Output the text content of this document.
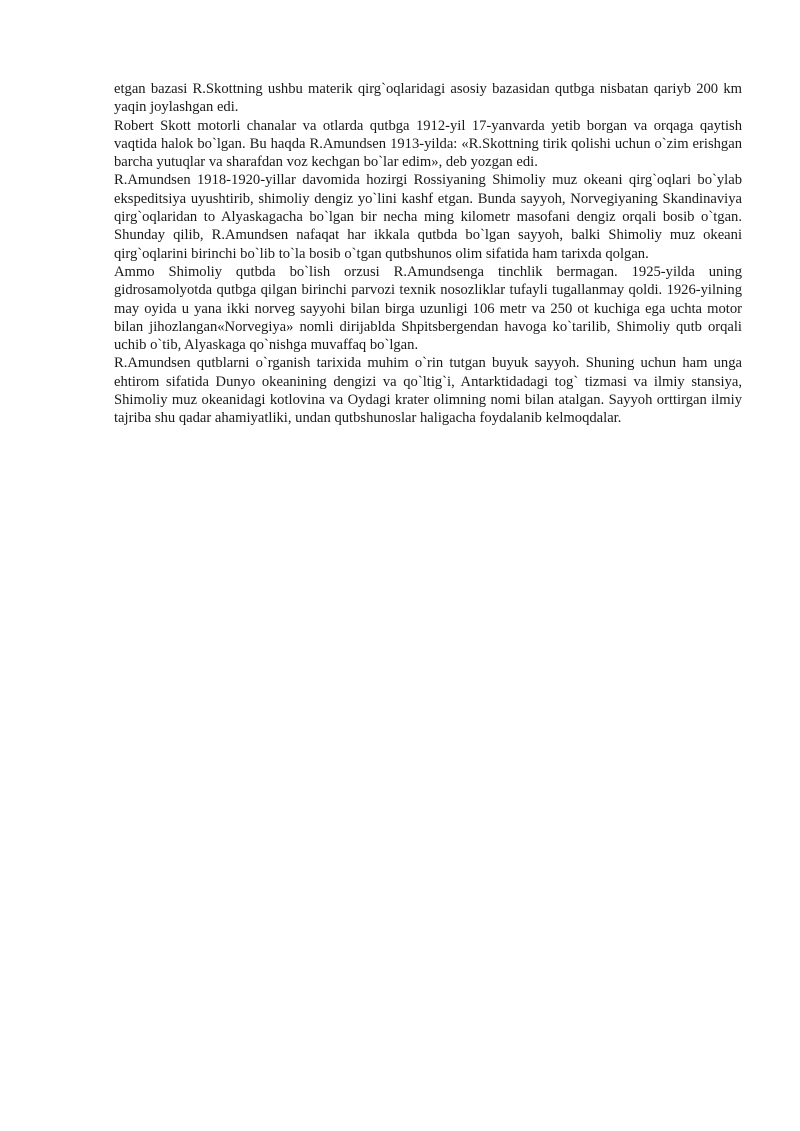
etgan bazasi R.Skottning ushbu materik qirg`oqlaridagi asosiy bazasidan qutbga nisbatan qariyb 200 km yaqin joylashgan edi.

Robert Skott motorli chanalar va otlarda qutbga 1912-yil 17-yanvarda yetib borgan va orqaga qaytish vaqtida halok bo`lgan. Bu haqda R.Amundsen 1913-yilda: «R.Skottning tirik qolishi uchun o`zim erishgan barcha yutuqlar va sharafdan voz kechgan bo`lar edim», deb yozgan edi.

R.Amundsen 1918-1920-yillar davomida hozirgi Rossiyaning Shimoliy muz okeani qirg`oqlari bo`ylab ekspeditsiya uyushtirib, shimoliy dengiz yo`lini kashf etgan. Bunda sayyoh, Norvegiyaning Skandinaviya qirg`oqlaridan to Alyaskagacha bo`lgan bir necha ming kilometr masofani dengiz orqali bosib o`tgan. Shunday qilib, R.Amundsen nafaqat har ikkala qutbda bo`lgan sayyoh, balki Shimoliy muz okeani qirg`oqlarini birinchi bo`lib to`la bosib o`tgan qutbshunos olim sifatida ham tarixda qolgan.

Ammo Shimoliy qutbda bo`lish orzusi R.Amundsenga tinchlik bermagan. 1925-yilda uning gidrosamolyotda qutbga qilgan birinchi parvozi texnik nosozliklar tufayli tugallanmay qoldi. 1926-yilning may oyida u yana ikki norveg sayyohi bilan birga uzunligi 106 metr va 250 ot kuchiga ega uchta motor bilan jihozlangan«Norvegiya» nomli dirijablda Shpitsbergendan havoga ko`tarilib, Shimoliy qutb orqali uchib o`tib, Alyaskaga qo`nishga muvaffaq bo`lgan.

R.Amundsen qutblarni o`rganish tarixida muhim o`rin tutgan buyuk sayyoh. Shuning uchun ham unga ehtirom sifatida Dunyo okeanining dengizi va qo`ltig`i, Antarktidadagi tog` tizmasi va ilmiy stansiya, Shimoliy muz okeanidagi kotlovina va Oydagi krater olimning nomi bilan atalgan. Sayyoh orttirgan ilmiy tajriba shu qadar ahamiyatliki, undan qutbshunoslar haligacha foydalanib kelmoqdalar.
